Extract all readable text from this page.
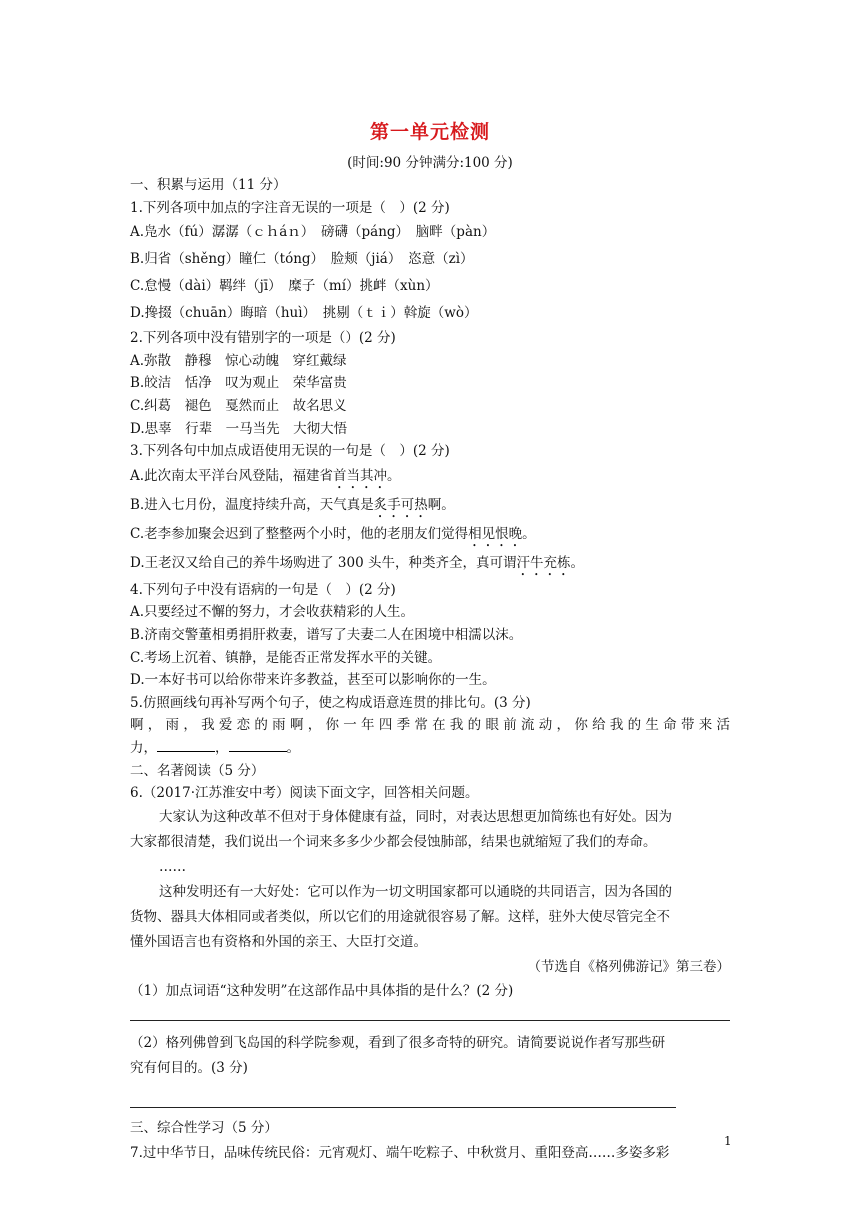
第一单元检测
(时间:90 分钟满分:100 分)
一、积累与运用（11 分）
1.下列各项中加点的字注音无误的一项是（　）(2 分)
A.凫水（fú）潺潺（ｃｈáｎ）　磅礴（páng）　脑畔（pàn）
B.归省（shěng）瞳仁（tóng）　脸颊（jiá）　恣意（zì）
C.怠慢（dài）羁绊（jī）　糜子（mí）挑衅（xùn）
D.搀掇（chuān）晦暗（huì）　挑剔（ｔｉ）斡旋（wò）
2.下列各项中没有错别字的一项是（）(2 分)
A.弥散　静穆　惊心动魄　穿红戴绿
B.皎洁　恬净　叹为观止　荣华富贵
C.纠葛　褪色　戛然而止　故名思义
D.思辜　行辈　一马当先　大彻大悟
3.下列各句中加点成语使用无误的一句是（　）(2 分)
A.此次南太平洋台风登陆，福建省首当其冲。
B.进入七月份，温度持续升高，天气真是炙手可热啊。
C.老李参加聚会迟到了整整两个小时，他的老朋友们觉得相见恨晚。
D.王老汉又给自己的养牛场购进了 300 头牛，种类齐全，真可谓汗牛充栋。
4.下列句子中没有语病的一句是（　）(2 分)
A.只要经过不懈的努力，才会收获精彩的人生。
B.济南交警董相勇捐肝救妻，谱写了夫妻二人在困境中相濡以沫。
C.考场上沉着、镇静，是能否正常发挥水平的关键。
D.一本好书可以给你带来许多教益，甚至可以影响你的一生。
5.仿照画线句再补写两个句子，使之构成语意连贯的排比句。(3 分)
啊，雨，我爱恋的雨啊，你一年四季常在我的眼前流动，你给我的生命带来活
力，	，	。
二、名著阅读（5 分）
6.（2017·江苏淮安中考）阅读下面文字，回答相关问题。
大家认为这种改革不但对于身体健康有益，同时，对表达思想更加简练也有好处。因为
大家都很清楚，我们说出一个词来多多少少都会侵蚀肺部，结果也就缩短了我们的寿命。
……
这种发明还有一大好处：它可以作为一切文明国家都可以通晓的共同语言，因为各国的
货物、器具大体相同或者类似，所以它们的用途就很容易了解。这样，驻外大使尽管完全不
懂外国语言也有资格和外国的亲王、大臣打交道。
（节选自《格列佛游记》第三卷）
（1）加点词语“这种发明”在这部作品中具体指的是什么？(2 分)
（2）格列佛曾到飞岛国的科学院参观，看到了很多奇特的研究。请简要说说作者写那些研
究有何目的。(3 分)
三、综合性学习（5 分）
7.过中华节日，品味传统民俗：元宵观灯、端午吃粽子、中秋赏月、重阳登高……多姿多彩
1
